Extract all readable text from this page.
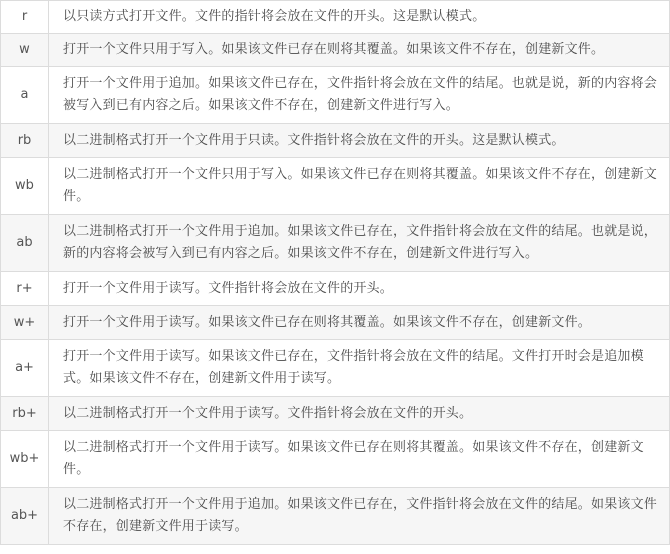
r	以只读方式打开文件。文件的指针将会放在文件的开头。这是默认模式。
w	打开一个文件只用于写入。如果该文件已存在则将其覆盖。如果该文件不存在，创建新文件。
a	打开一个文件用于追加。如果该文件已存在，文件指针将会放在文件的结尾。也就是说，新的内容将会被写入到已有内容之后。如果该文件不存在，创建新文件进行写入。
rb	以二进制格式打开一个文件用于只读。文件指针将会放在文件的开头。这是默认模式。
wb	以二进制格式打开一个文件只用于写入。如果该文件已存在则将其覆盖。如果该文件不存在，创建新文件。
ab	以二进制格式打开一个文件用于追加。如果该文件已存在，文件指针将会放在文件的结尾。也就是说，新的内容将会被写入到已有内容之后。如果该文件不存在，创建新文件进行写入。
r+	打开一个文件用于读写。文件指针将会放在文件的开头。
w+	打开一个文件用于读写。如果该文件已存在则将其覆盖。如果该文件不存在，创建新文件。
a+	打开一个文件用于读写。如果该文件已存在，文件指针将会放在文件的结尾。文件打开时会是追加模式。如果该文件不存在，创建新文件用于读写。
rb+	以二进制格式打开一个文件用于读写。文件指针将会放在文件的开头。
wb+	以二进制格式打开一个文件用于读写。如果该文件已存在则将其覆盖。如果该文件不存在，创建新文件。
ab+	以二进制格式打开一个文件用于追加。如果该文件已存在，文件指针将会放在文件的结尾。如果该文件不存在，创建新文件用于读写。
